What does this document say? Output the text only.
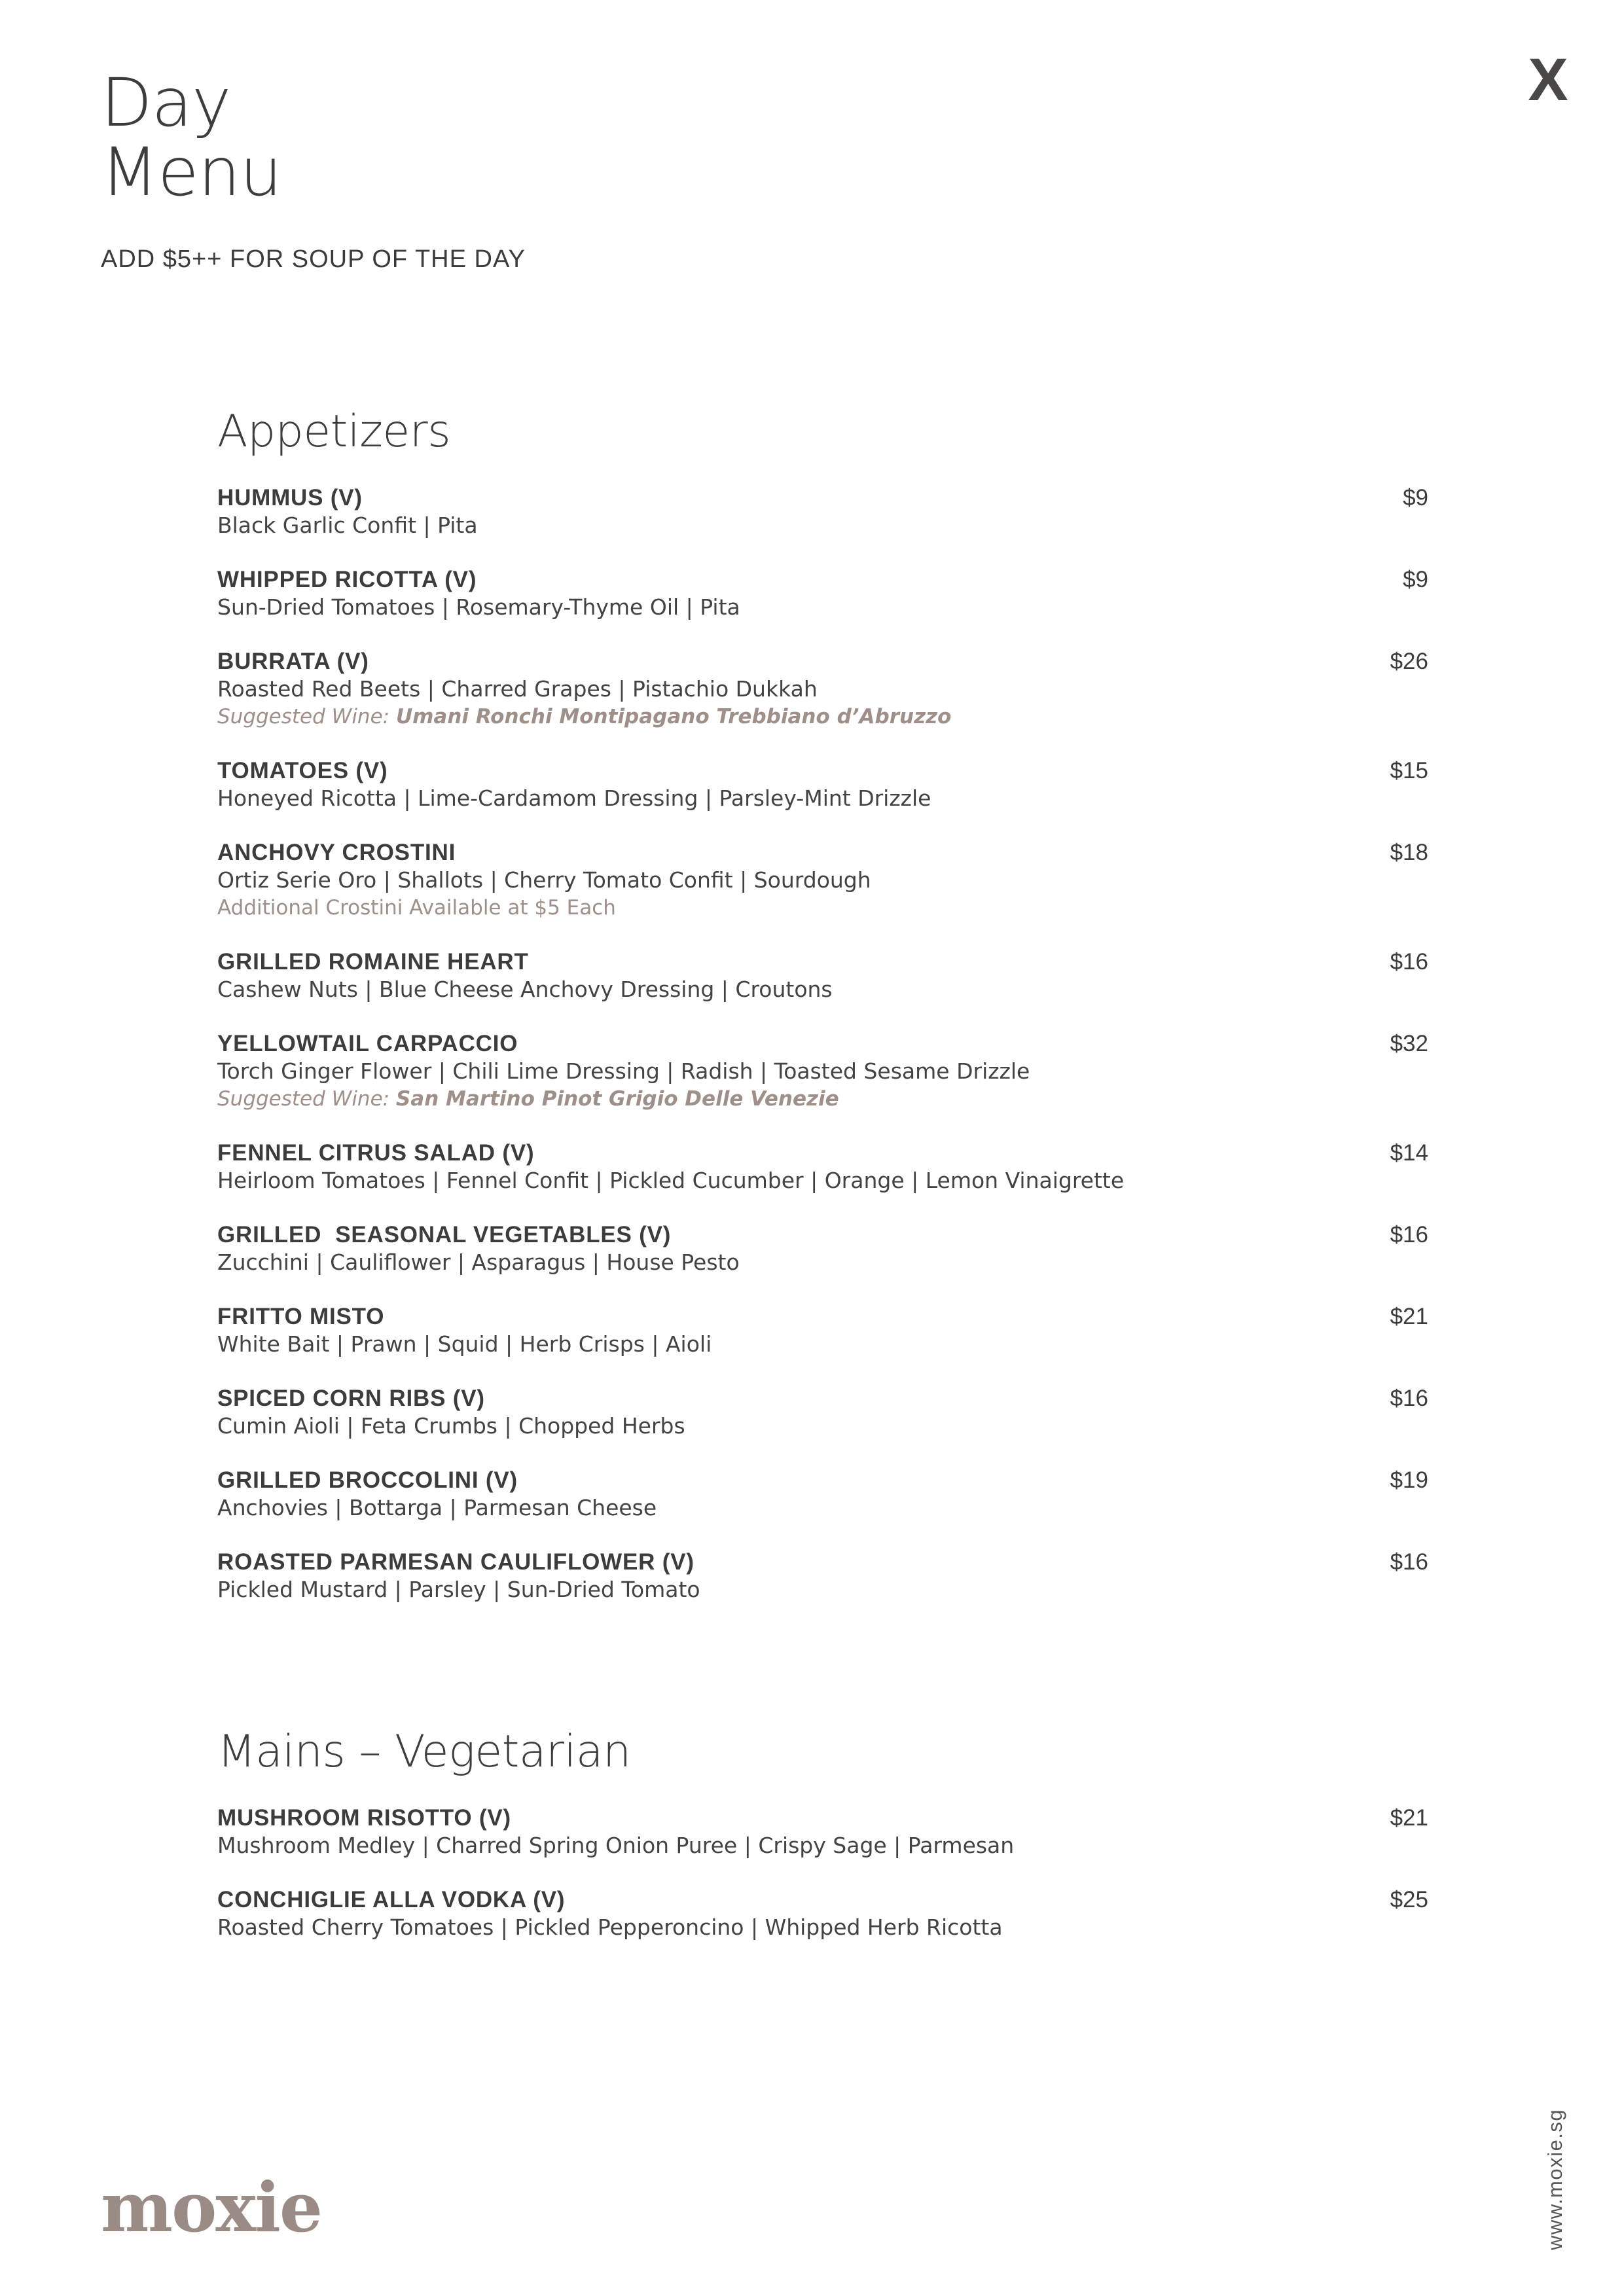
Day
Menu
ADD $5++ FOR SOUP OF THE DAY
X
Appetizers
HUMMUS (V)
Black Garlic Confit | Pita
$9
WHIPPED RICOTTA (V)
Sun-Dried Tomatoes | Rosemary-Thyme Oil | Pita
$9
BURRATA (V)
Roasted Red Beets | Charred Grapes | Pistachio Dukkah
Suggested Wine: Umani Ronchi Montipagano Trebbiano d’Abruzzo
$26
TOMATOES (V)
Honeyed Ricotta | Lime-Cardamom Dressing | Parsley-Mint Drizzle
$15
ANCHOVY CROSTINI
Ortiz Serie Oro | Shallots | Cherry Tomato Confit | Sourdough
Additional Crostini Available at $5 Each
$18
GRILLED ROMAINE HEART
Cashew Nuts | Blue Cheese Anchovy Dressing | Croutons
$16
YELLOWTAIL CARPACCIO
Torch Ginger Flower | Chili Lime Dressing | Radish | Toasted Sesame Drizzle
Suggested Wine: San Martino Pinot Grigio Delle Venezie
$32
FENNEL CITRUS SALAD (V)
Heirloom Tomatoes | Fennel Confit | Pickled Cucumber | Orange | Lemon Vinaigrette
$14
GRILLED  SEASONAL VEGETABLES (V)
Zucchini | Cauliflower | Asparagus | House Pesto
$16
FRITTO MISTO
White Bait | Prawn | Squid | Herb Crisps | Aioli
$21
SPICED CORN RIBS (V)
Cumin Aioli | Feta Crumbs | Chopped Herbs
$16
GRILLED BROCCOLINI (V)
Anchovies | Bottarga | Parmesan Cheese
$19
ROASTED PARMESAN CAULIFLOWER (V)
Pickled Mustard | Parsley | Sun-Dried Tomato
$16
Mains – Vegetarian
MUSHROOM RISOTTO (V)
Mushroom Medley | Charred Spring Onion Puree | Crispy Sage | Parmesan
$21
CONCHIGLIE ALLA VODKA (V)
Roasted Cherry Tomatoes | Pickled Pepperoncino | Whipped Herb Ricotta
$25
www.moxie.sg
moxie
